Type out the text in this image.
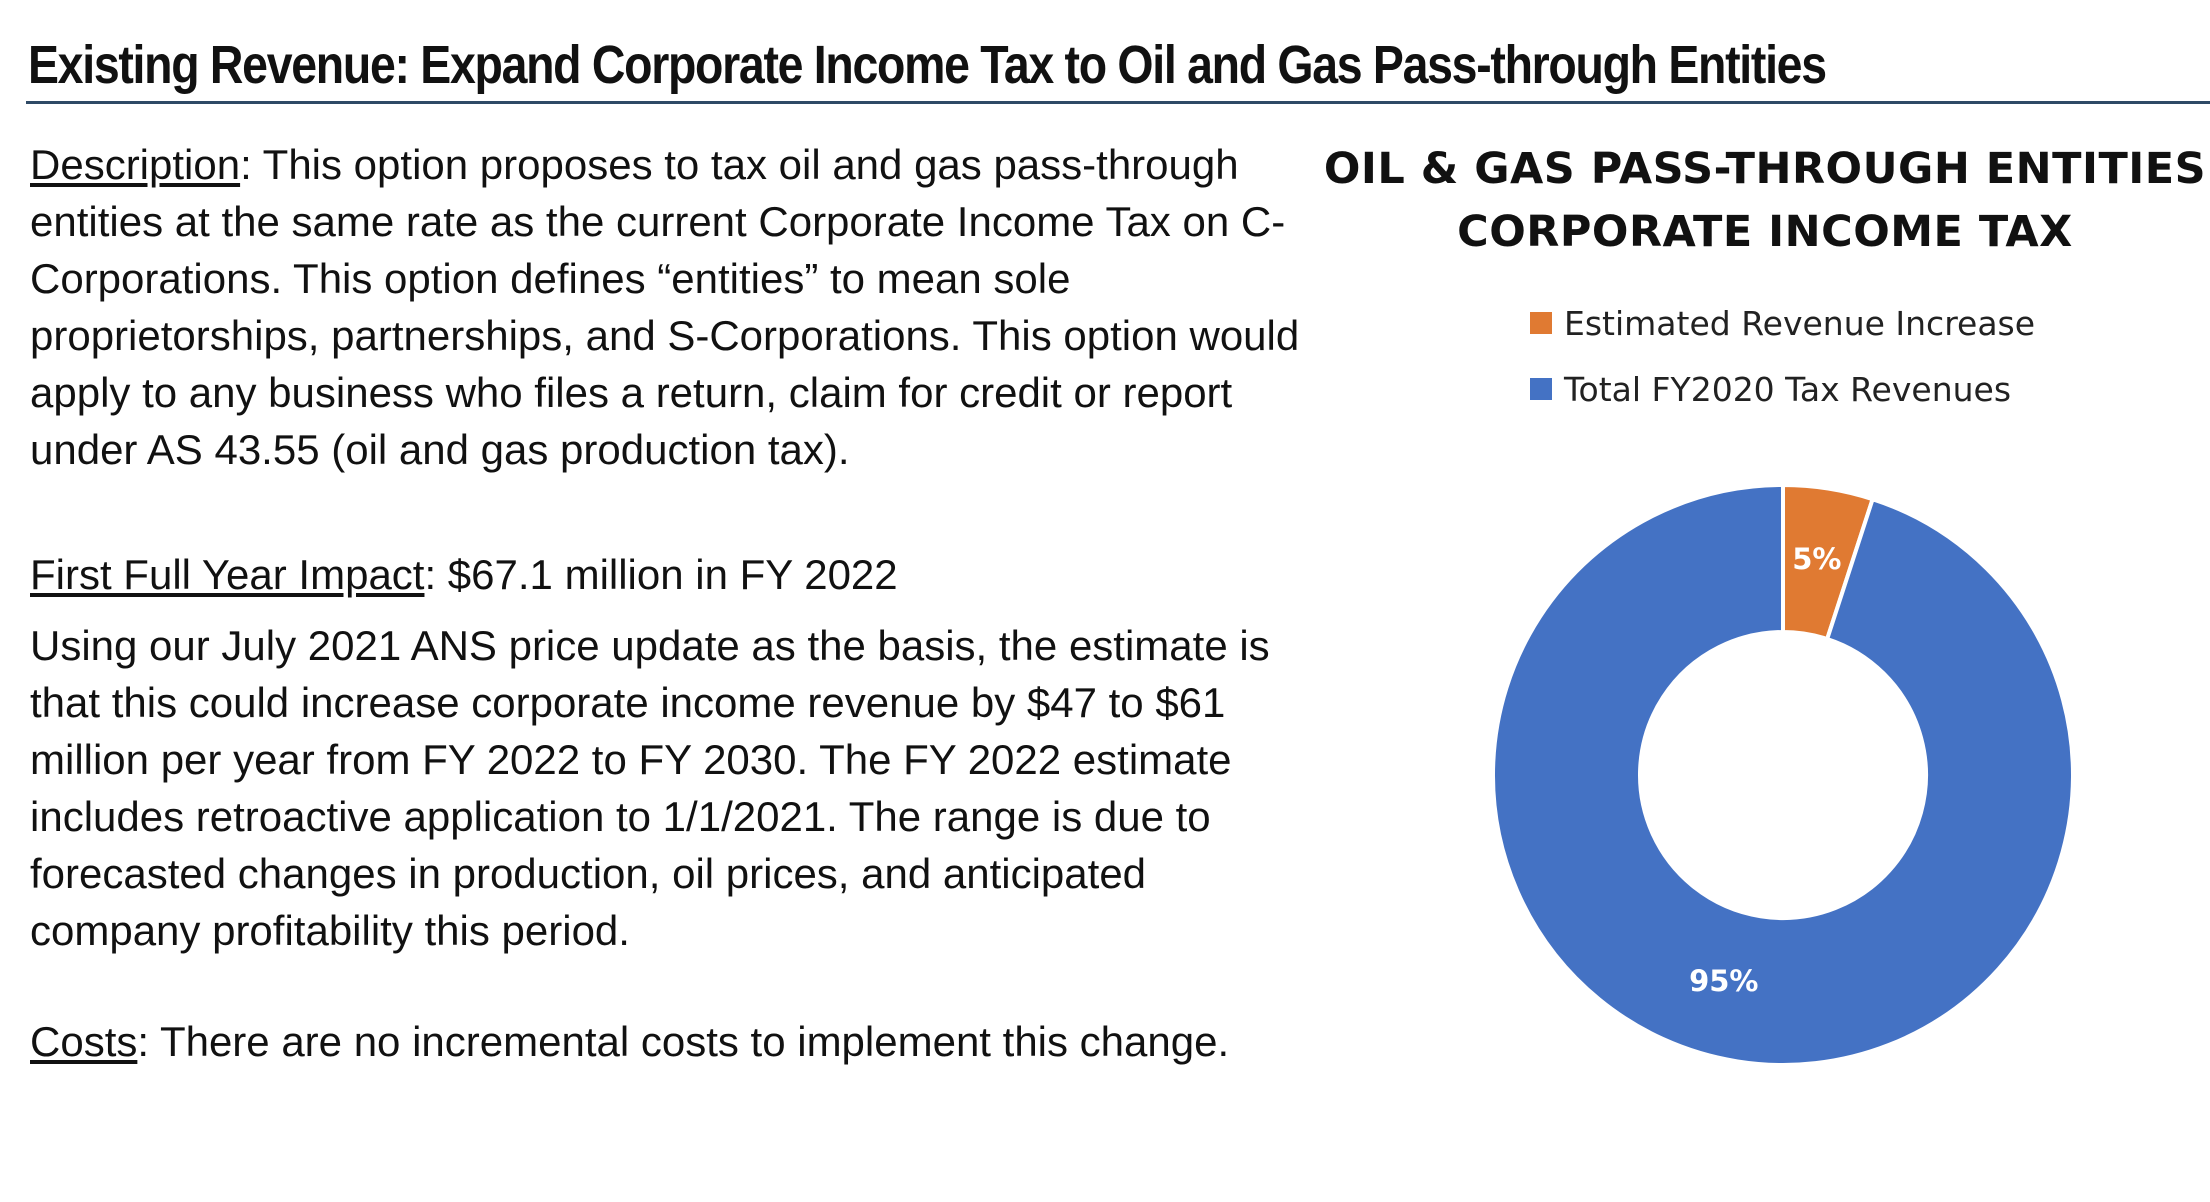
Existing Revenue: Expand Corporate Income Tax to Oil and Gas Pass-through Entities

Description: This option proposes to tax oil and gas pass-through entities at the same rate as the current Corporate Income Tax on C-Corporations. This option defines “entities” to mean sole proprietorships, partnerships, and S-Corporations. This option would apply to any business who files a return, claim for credit or report under AS 43.55 (oil and gas production tax).

First Full Year Impact: $67.1 million in FY 2022

Using our July 2021 ANS price update as the basis, the estimate is that this could increase corporate income revenue by $47 to $61 million per year from FY 2022 to FY 2030. The FY 2022 estimate includes retroactive application to 1/1/2021. The range is due to forecasted changes in production, oil prices, and anticipated company profitability this period.

Costs: There are no incremental costs to implement this change.

OIL & GAS PASS-THROUGH ENTITIES CORPORATE INCOME TAX
Estimated Revenue Increase
Total FY2020 Tax Revenues
5%
95%
